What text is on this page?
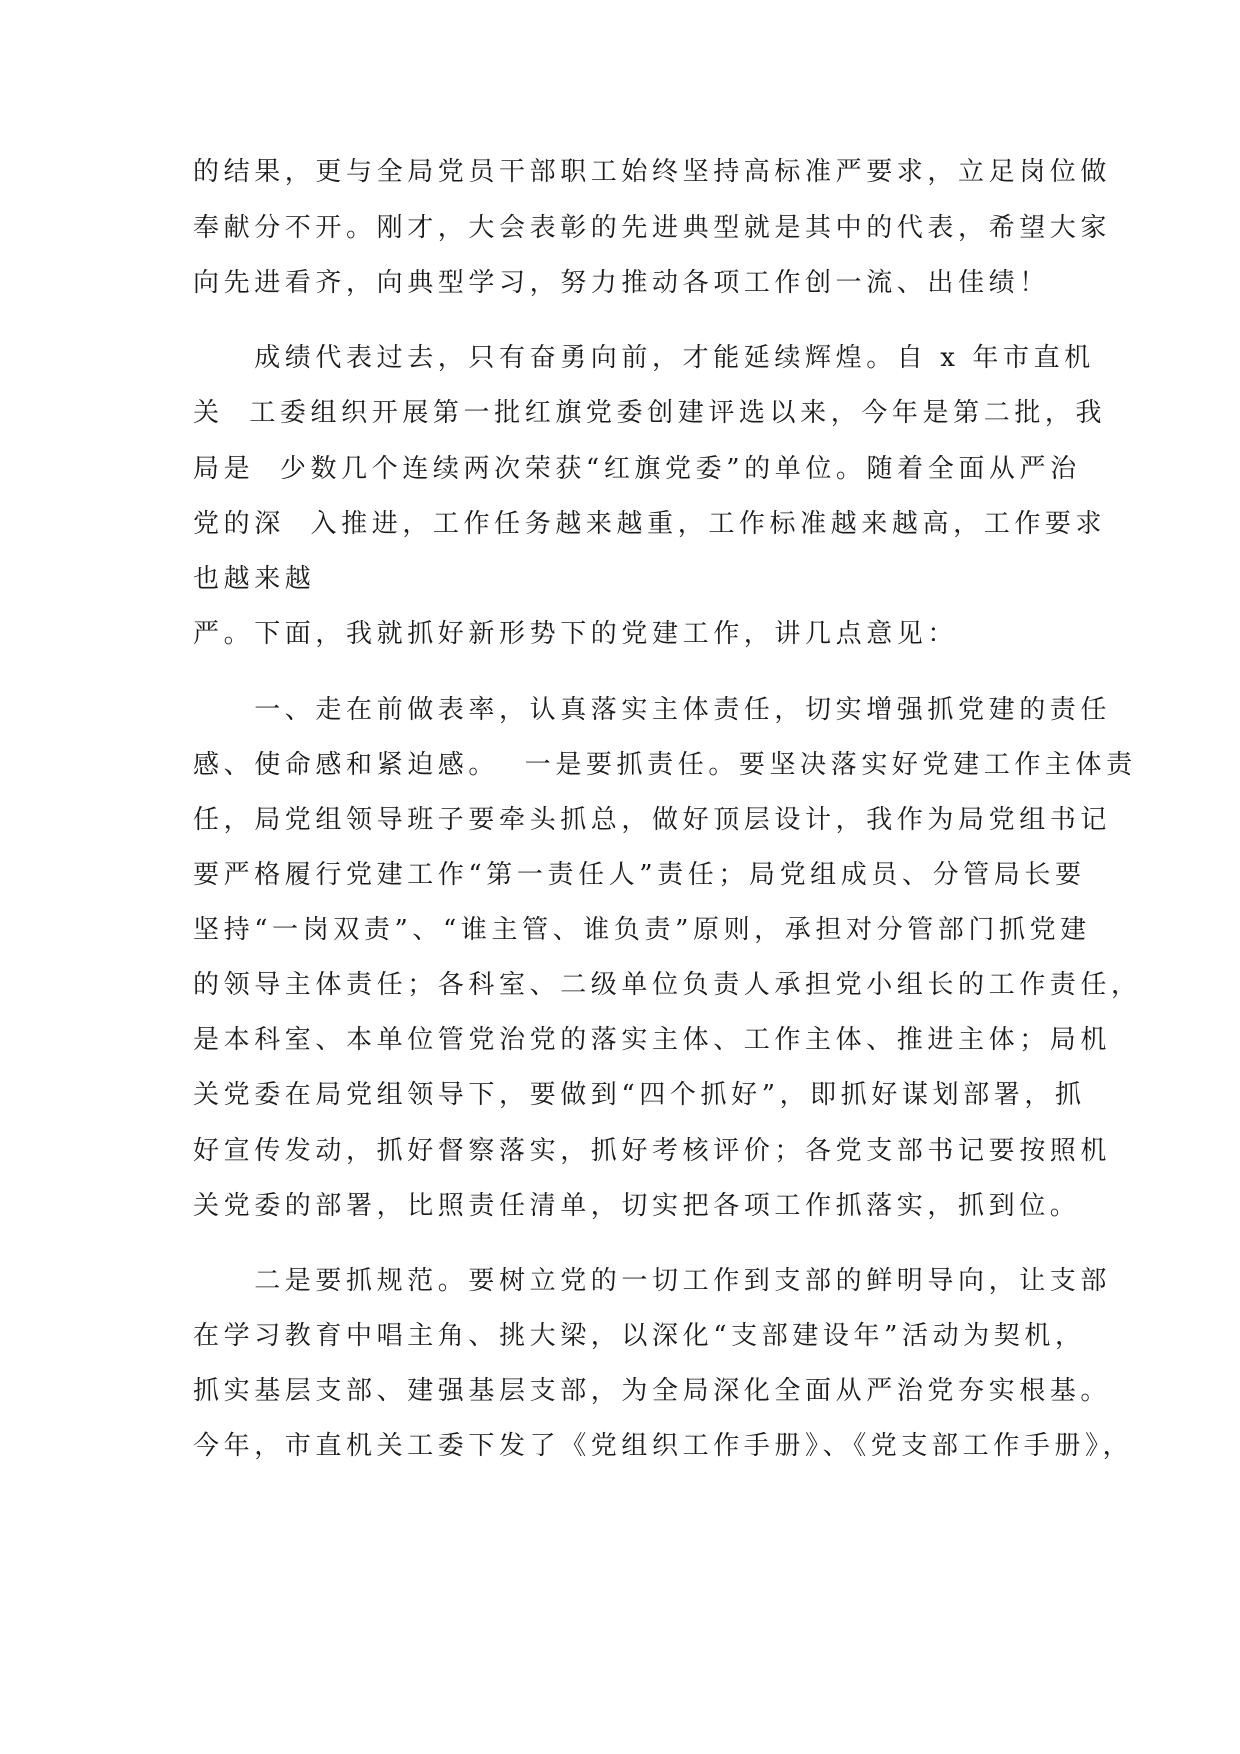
的结果，更与全局党员干部职工始终坚持高标准严要求，立足岗位做
奉献分不开。刚才，大会表彰的先进典型就是其中的代表，希望大家
向先进看齐，向典型学习，努力推动各项工作创一流、出佳绩！
　　成绩代表过去，只有奋勇向前，才能延续辉煌。自 x 年市直机
关  工委组织开展第一批红旗党委创建评选以来，今年是第二批，我
局是  少数几个连续两次荣获“红旗党委”的单位。随着全面从严治
党的深  入推进，工作任务越来越重，工作标准越来越高，工作要求
也越来越
严。下面，我就抓好新形势下的党建工作，讲几点意见：
　　一、走在前做表率，认真落实主体责任，切实增强抓党建的责任
感、使命感和紧迫感。  一是要抓责任。要坚决落实好党建工作主体责
任，局党组领导班子要牵头抓总，做好顶层设计，我作为局党组书记
要严格履行党建工作“第一责任人”责任；局党组成员、分管局长要
坚持“一岗双责”、“谁主管、谁负责”原则，承担对分管部门抓党建
的领导主体责任；各科室、二级单位负责人承担党小组长的工作责任，
是本科室、本单位管党治党的落实主体、工作主体、推进主体；局机
关党委在局党组领导下，要做到“四个抓好”，即抓好谋划部署，抓
好宣传发动，抓好督察落实，抓好考核评价；各党支部书记要按照机
关党委的部署，比照责任清单，切实把各项工作抓落实，抓到位。
　　二是要抓规范。要树立党的一切工作到支部的鲜明导向，让支部
在学习教育中唱主角、挑大梁，以深化“支部建设年”活动为契机，
抓实基层支部、建强基层支部，为全局深化全面从严治党夯实根基。
今年，市直机关工委下发了《党组织工作手册》、《党支部工作手册》，
